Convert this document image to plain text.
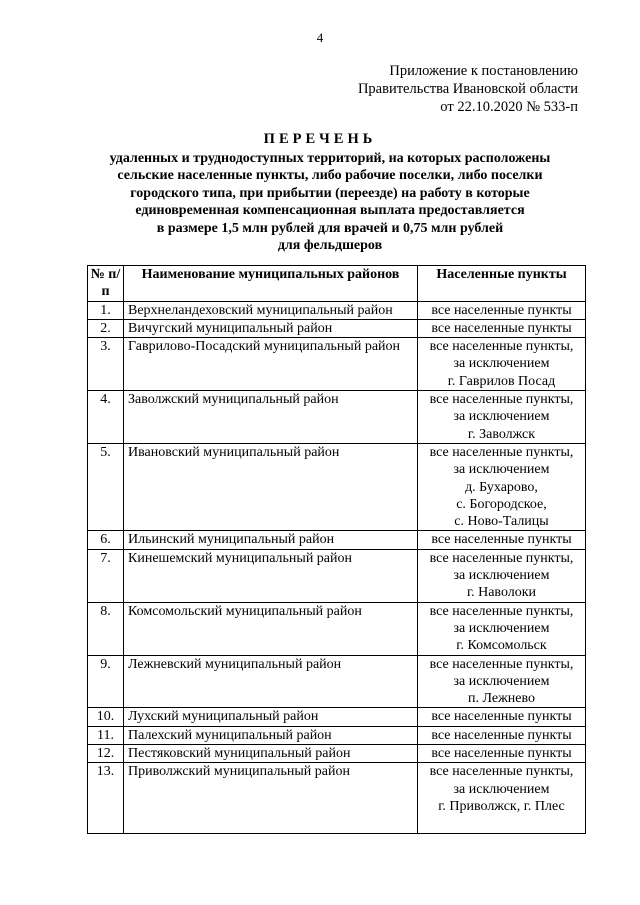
4
Приложение к постановлению
Правительства Ивановской области
от 22.10.2020 № 533-п
ПЕРЕЧЕНЬ
удаленных и труднодоступных территорий, на которых расположены
сельские населенные пункты, либо рабочие поселки, либо поселки
городского типа, при прибытии (переезде) на работу в которые
единовременная компенсационная выплата предоставляется
в размере 1,5 млн рублей для врачей и 0,75 млн рублей
для фельдшеров
№ п/п	Наименование муниципальных районов	Населенные пункты
1.	Верхнеландеховский муниципальный район	все населенные пункты

2.	Вичугский муниципальный район	все населенные пункты

3.	Гаврилово-Посадский муниципальный район	все населенные пункты,
за исключением
г. Гаврилов Посад

4.	Заволжский муниципальный район	все населенные пункты,
за исключением
г. Заволжск

5.	Ивановский муниципальный район	все населенные пункты,
за исключением
д. Бухарово,
с. Богородское,
с. Ново-Талицы

6.	Ильинский муниципальный район	все населенные пункты

7.	Кинешемский муниципальный район	все населенные пункты,
за исключением
г. Наволоки

8.	Комсомольский муниципальный район	все населенные пункты,
за исключением
г. Комсомольск

9.	Лежневский муниципальный район	все населенные пункты,
за исключением
п. Лежнево

10.	Лухский муниципальный район	все населенные пункты

11.	Палехский муниципальный район	все населенные пункты

12.	Пестяковский муниципальный район	все населенные пункты

13.	Приволжский муниципальный район	все населенные пункты,
за исключением
г. Приволжск, г. Плес
